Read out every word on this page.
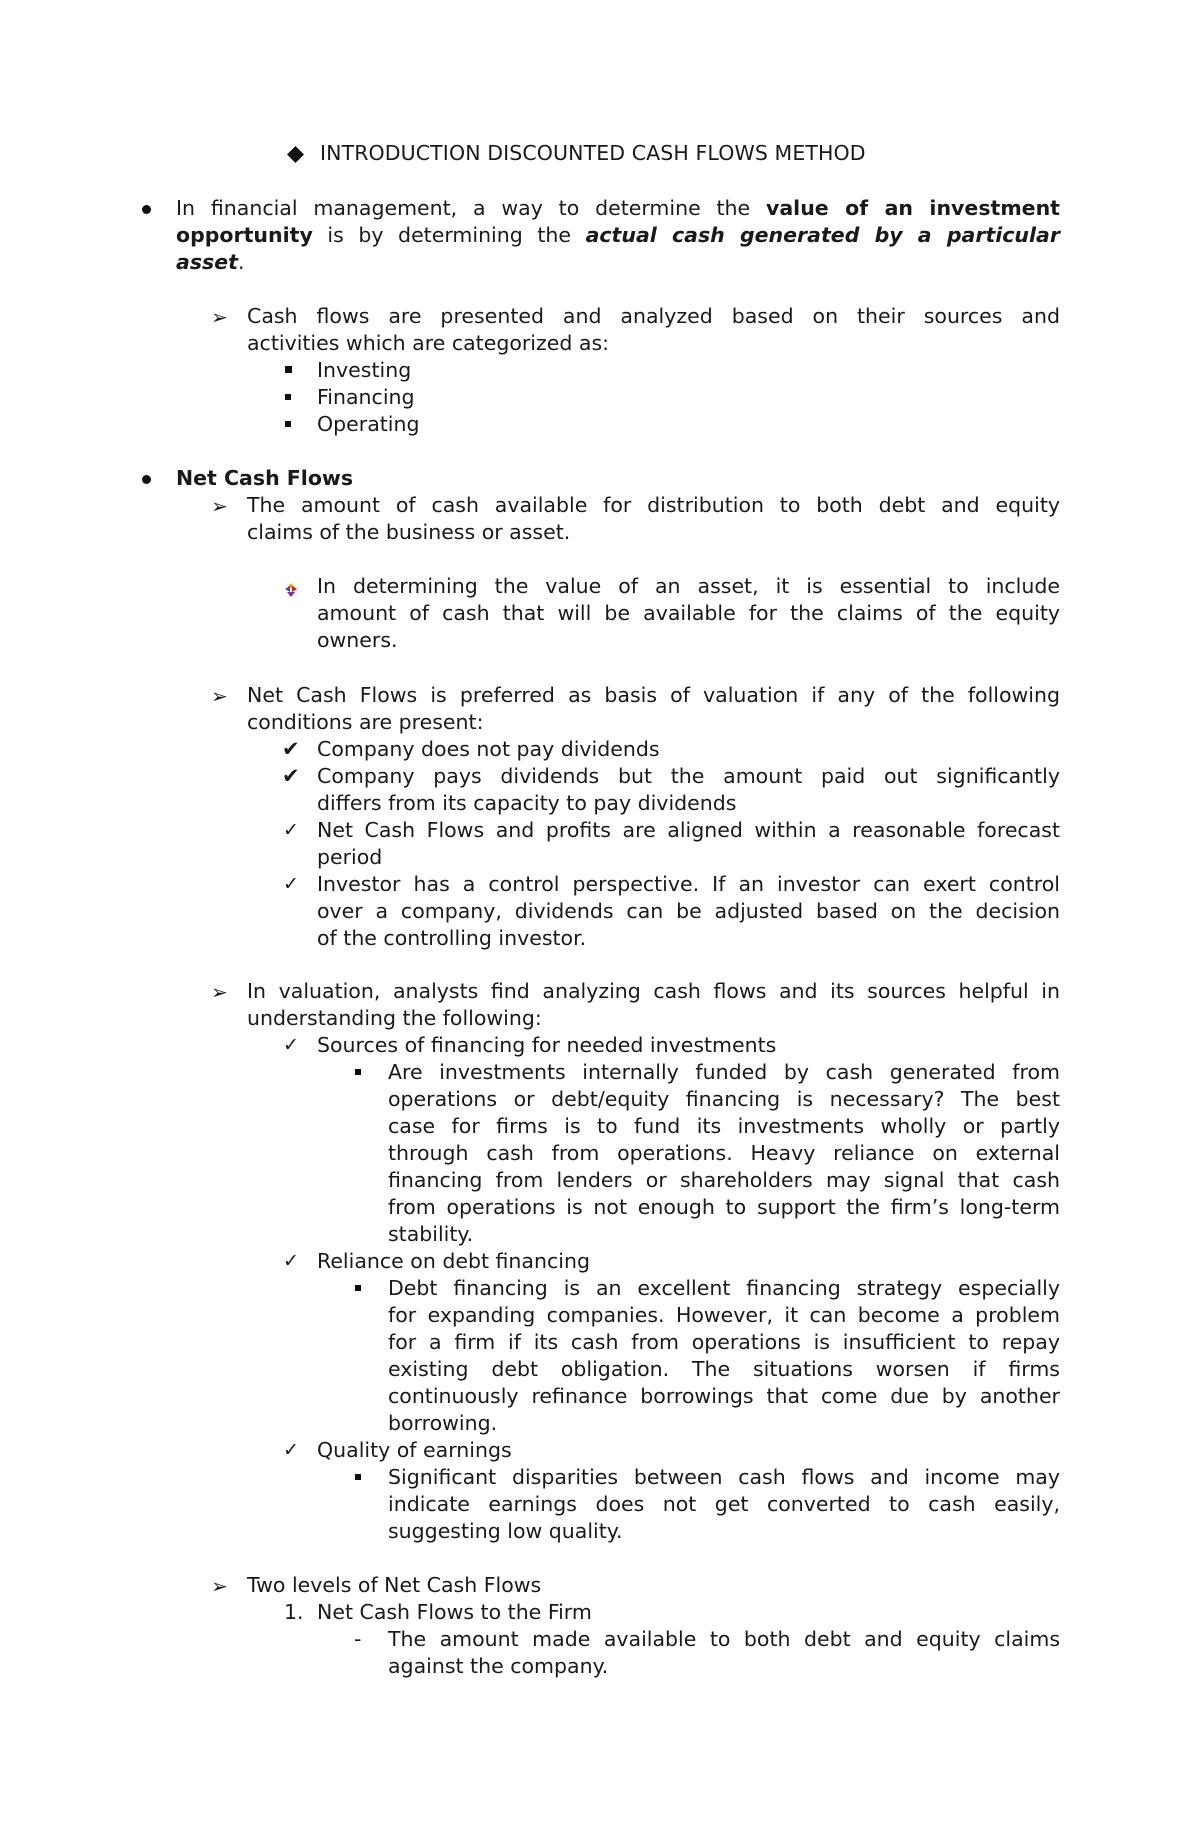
INTRODUCTION DISCOUNTED CASH FLOWS METHOD
In financial management, a way to determine the value of an investment
opportunity is by determining the actual cash generated by a particular
asset.
➢ Cash flows are presented and analyzed based on their sources and
activities which are categorized as:
Investing
Financing
Operating
Net Cash Flows
➢ The amount of cash available for distribution to both debt and equity
claims of the business or asset.
In determining the value of an asset, it is essential to include
amount of cash that will be available for the claims of the equity
owners.
➢ Net Cash Flows is preferred as basis of valuation if any of the following
conditions are present:
✔ Company does not pay dividends
✔ Company pays dividends but the amount paid out significantly
differs from its capacity to pay dividends
✓ Net Cash Flows and profits are aligned within a reasonable forecast
period
✓ Investor has a control perspective. If an investor can exert control
over a company, dividends can be adjusted based on the decision
of the controlling investor.
➢ In valuation, analysts find analyzing cash flows and its sources helpful in
understanding the following:
✓ Sources of financing for needed investments
Are investments internally funded by cash generated from
operations or debt/equity financing is necessary? The best
case for firms is to fund its investments wholly or partly
through cash from operations. Heavy reliance on external
financing from lenders or shareholders may signal that cash
from operations is not enough to support the firm’s long-term
stability.
✓ Reliance on debt financing
Debt financing is an excellent financing strategy especially
for expanding companies. However, it can become a problem
for a firm if its cash from operations is insufficient to repay
existing debt obligation. The situations worsen if firms
continuously refinance borrowings that come due by another
borrowing.
✓ Quality of earnings
Significant disparities between cash flows and income may
indicate earnings does not get converted to cash easily,
suggesting low quality.
➢ Two levels of Net Cash Flows
1. Net Cash Flows to the Firm
- The amount made available to both debt and equity claims
against the company.
